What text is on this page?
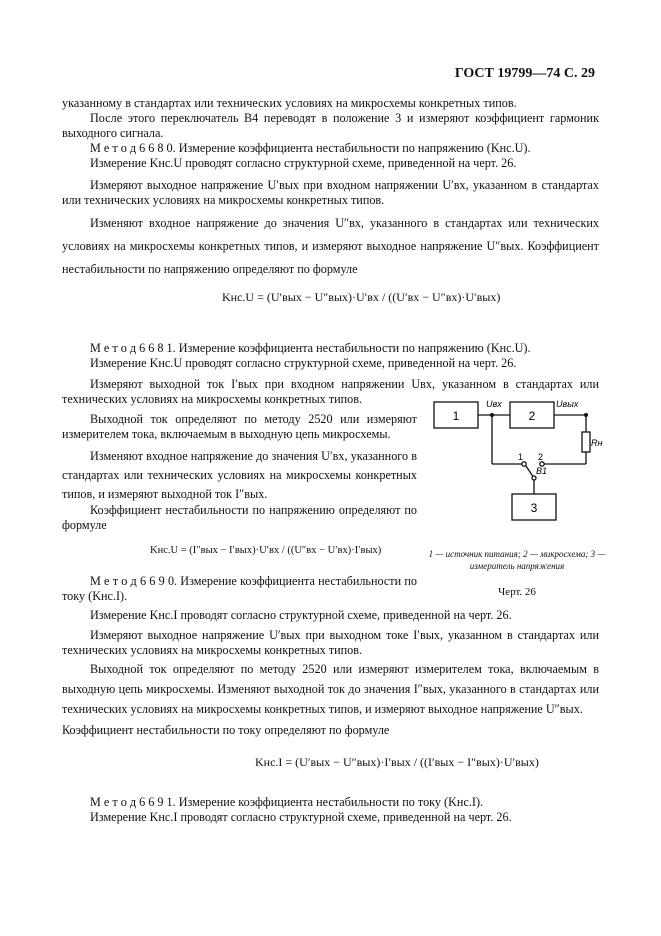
ГОСТ 19799—74 С. 29
указанному в стандартах или технических условиях на микросхемы конкретных типов.
После этого переключатель В4 переводят в положение 3 и измеряют коэффициент гармоник выходного сигнала.
М е т о д 6 6 8 0. Измерение коэффициента нестабильности по напряжению (Kнс.U).
Измерение Kнс.U проводят согласно структурной схеме, приведенной на черт. 26.
Измеряют выходное напряжение U′вых при входном напряжении U′вх, указанном в стандартах или технических условиях на микросхемы конкретных типов.
Изменяют входное напряжение до значения U″вх, указанного в стандартах или технических условиях на микросхемы конкретных типов, и измеряют выходное напряжение U″вых. Коэффициент нестабильности по напряжению определяют по формуле
Kнс.U = (U′вых − U″вых)·U′вх / ((U′вх − U″вх)·U′вых)
М е т о д 6 6 8 1. Измерение коэффициента нестабильности по напряжению (Kнс.U).
Измерение Kнс.U проводят согласно структурной схеме, приведенной на черт. 26.
Измеряют выходной ток I′вых при входном напряжении Uвх, указанном в стандартах или технических условиях на микросхемы конкретных типов.
Выходной ток определяют по методу 2520 или измеряют измерителем тока, включаемым в выходную цепь микросхемы.
Изменяют входное напряжение до значения U′вх, указанного в стандартах или технических условиях на микросхемы конкретных типов, и измеряют выходной ток I″вых.
Коэффициент нестабильности по напряжению определяют по формуле
Kнс.U = (I″вых − I′вых)·U′вх / ((U″вх − U′вх)·I′вых)
М е т о д 6 6 9 0. Измерение коэффициента нестабильности по току (Kнс.I).
Измерение Kнс.I проводят согласно структурной схеме, приведенной на черт. 26.
Измеряют выходное напряжение U′вых при выходном токе I′вых, указанном в стандартах или технических условиях на микросхемы конкретных типов.
Выходной ток определяют по методу 2520 или измеряют измерителем тока, включаемым в выходную цепь микросхемы. Изменяют выходной ток до значения I″вых, указанного в стандартах или технических условиях на микросхемы конкретных типов, и измеряют выходное напряжение U″вых.
Коэффициент нестабильности по току определяют по формуле
Kнс.I = (U′вых − U″вых)·I′вых / ((I′вых − I″вых)·U′вых)
М е т о д 6 6 9 1. Измерение коэффициента нестабильности по току (Kнс.I).
Измерение Kнс.I проводят согласно структурной схеме, приведенной на черт. 26.
1	2
3
Uвх	Uвых
Rн
1 2
В1
1 — источник питания; 2 — микросхема; 3 — измеритель напряжения
Черт. 26
